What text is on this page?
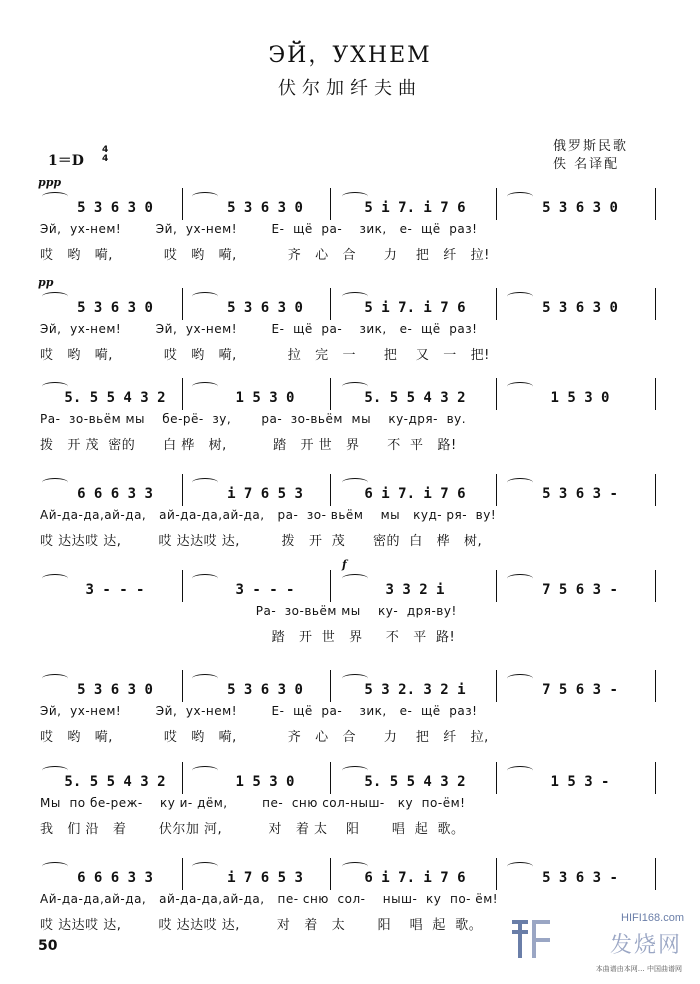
ЭЙ，УХНЕМ
伏尔加纤夫曲
俄罗斯民歌
佚 名译配
1＝D
4
4
ppp
5 3 6 3 0	5 3 6 3 0	5 i 7. i 7 6	5 3 6 3 0
Эй,  ух-нем!        Эй,  ух-нем!        Е-  щё  ра-    зик,   е-  щё  раз!
哎   哟   嗬,           哎   哟   嗬,           齐   心   合      力    把   纤   拉!
pp
5 3 6 3 0	5 3 6 3 0	5 i 7. i 7 6	5 3 6 3 0
Эй,  ух-нем!        Эй,  ух-нем!        Е-  щё  ра-    зик,   е-  щё  раз!
哎   哟   嗬,           哎   哟   嗬,           拉   完   一      把    又   一   把!
5. 5 5 4 3 2	1 5 3 0	5. 5 5 4 3 2	1 5 3 0
Ра-  зо-вьём мы    бе-рё-  зу,       ра-  зо-вьём  мы    ку-дря-  ву.
拨   开 茂  密的      白 桦   树,          踏   开 世   界      不  平   路!
6 6 6 3 3	i 7 6 5 3	6 i 7. i 7 6	5 3 6 3 -
Ай-да-да,ай-да,   ай-да-да,ай-да,   ра-  зо- вьём    мы   куд- ря-  ву!
哎 达达哎 达,        哎 达达哎 达,         拨   开  茂      密的  白   桦   树,
f
3 - - -	3 - - -	3 3 2 i	7 5 6 3 -
Ра-  зо-вьём мы    ку-  дря-ву!
踏   开  世   界     不   平  路!
5 3 6 3 0	5 3 6 3 0	5 3 2. 3 2 i	7 5 6 3 -
Эй,  ух-нем!        Эй,  ух-нем!        Е-  щё  ра-    зик,   е-  щё  раз!
哎   哟   嗬,           哎   哟   嗬,           齐   心   合      力    把   纤   拉,
5. 5 5 4 3 2	1 5 3 0	5. 5 5 4 3 2	1 5 3 -
Мы  по бе-реж-    ку и- дём,        пе-  сню сол-ныш-   ку  по-ём!
我   们 沿   着       伏尔加 河,          对   着 太    阳       唱  起  歌。
6 6 6 3 3	i 7 6 5 3	6 i 7. i 7 6	5 3 6 3 -
Ай-да-да,ай-да,   ай-да-да,ай-да,   пе- сню  сол-    ныш-  ку  по- ём!
哎 达达哎 达,        哎 达达哎 达,        对   着   太       阳    唱  起  歌。
50
HIFI168.com
发烧网
本曲谱由本网… 中国曲谱网
